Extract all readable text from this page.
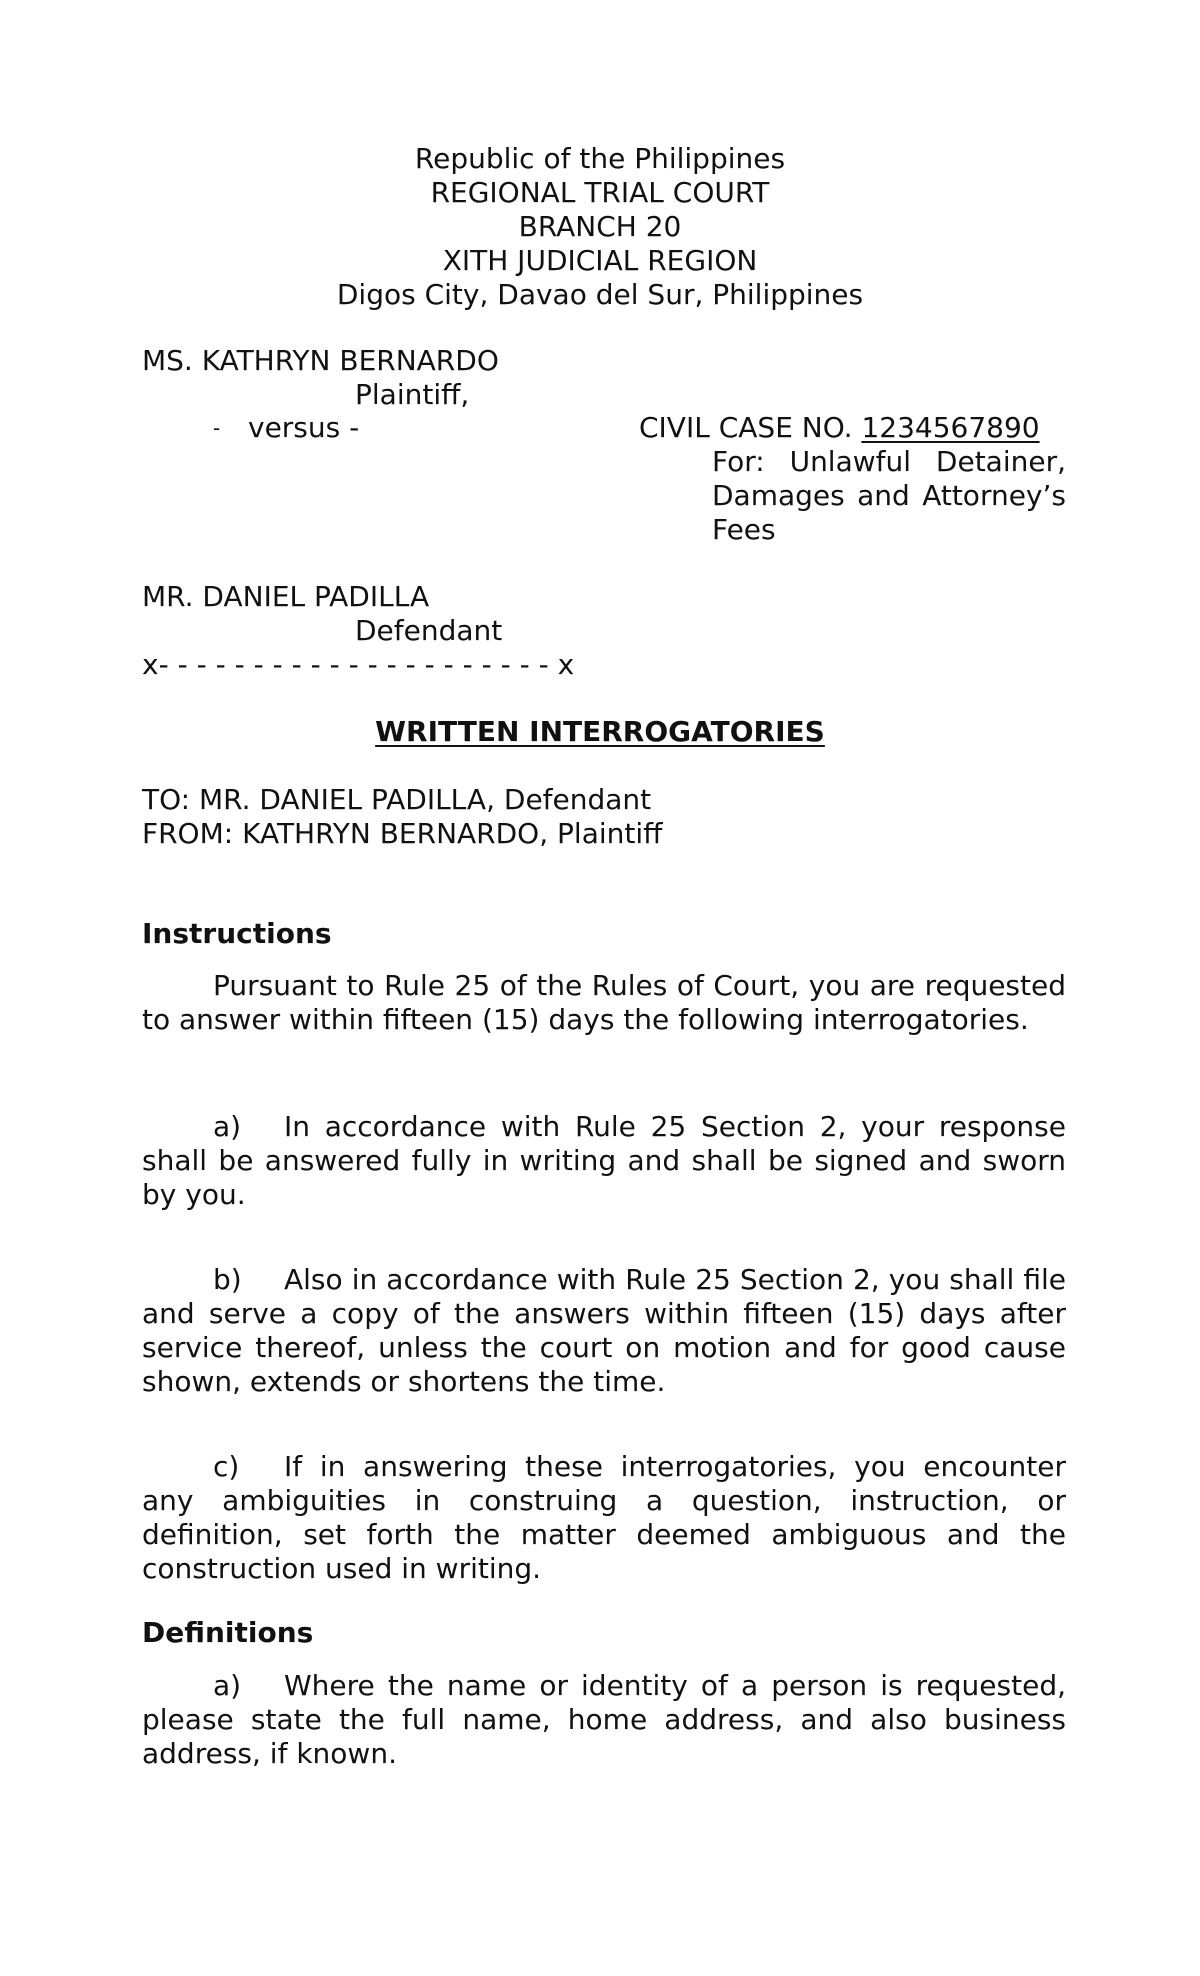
Republic of the Philippines
REGIONAL TRIAL COURT
BRANCH 20
XITH JUDICIAL REGION
Digos City, Davao del Sur, Philippines
MS. KATHRYN BERNARDO
Plaintiff,
- versus -	CIVIL CASE NO. 1234567890
For: Unlawful Detainer,
Damages and Attorney’s
Fees
MR. DANIEL PADILLA
Defendant
x- - - - - - - - - - - - - - - - - - - - - x
WRITTEN INTERROGATORIES
TO: MR. DANIEL PADILLA, Defendant
FROM: KATHRYN BERNARDO, Plaintiff
Instructions

Pursuant to Rule 25 of the Rules of Court, you are requested to answer within fifteen (15) days the following interrogatories.

a) In accordance with Rule 25 Section 2, your response shall be answered fully in writing and shall be signed and sworn by you.

b) Also in accordance with Rule 25 Section 2, you shall file and serve a copy of the answers within fifteen (15) days after service thereof, unless the court on motion and for good cause shown, extends or shortens the time.

c) If in answering these interrogatories, you encounter any ambiguities in construing a question, instruction, or definition, set forth the matter deemed ambiguous and the construction used in writing.

Definitions

a) Where the name or identity of a person is requested, please state the full name, home address, and also business address, if known.
